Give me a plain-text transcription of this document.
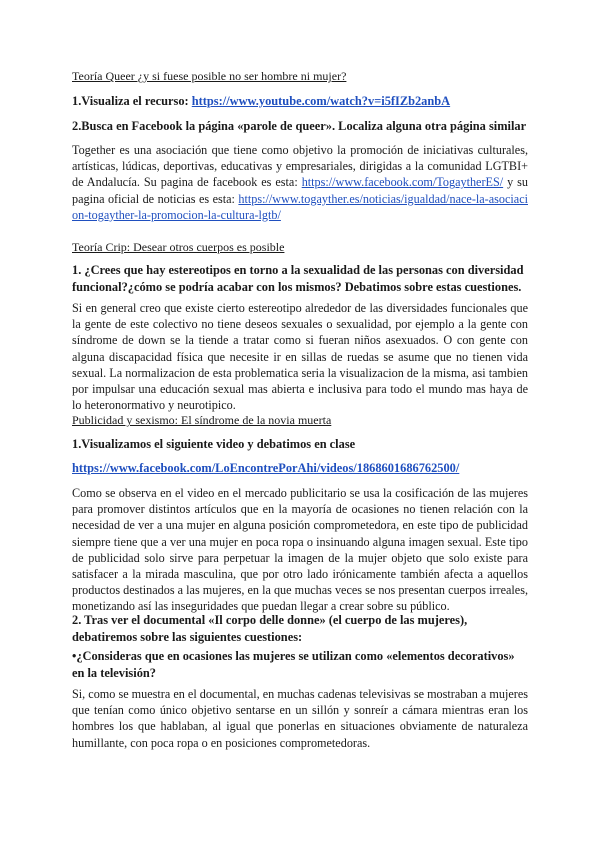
Teoría Queer ¿y si fuese posible no ser hombre ni mujer?
1.Visualiza el recurso: https://www.youtube.com/watch?v=i5fIZb2anbA
2.Busca en Facebook la página «parole de queer». Localiza alguna otra página similar

Together es una asociación que tiene como objetivo la promoción de iniciativas culturales, artísticas, lúdicas, deportivas, educativas y empresariales, dirigidas a la comunidad LGTBI+ de Andalucía. Su pagina de facebook es esta: https://www.facebook.com/TogaytherES/ y su pagina oficial de noticias es esta: https://www.togayther.es/noticias/igualdad/nace-la-asociacion-togayther-la-promocion-la-cultura-lgtb/

Teoría Crip: Desear otros cuerpos es posible
1. ¿Crees que hay estereotipos en torno a la sexualidad de las personas con diversidad funcional?¿cómo se podría acabar con los mismos? Debatimos sobre estas cuestiones.

Si en general creo que existe cierto estereotipo alrededor de las diversidades funcionales que la gente de este colectivo no tiene deseos sexuales o sexualidad, por ejemplo a la gente con síndrome de down se la tiende a tratar como si fueran niños asexuados. O con gente con alguna discapacidad física que necesite ir en sillas de ruedas se asume que no tienen vida sexual. La normalizacion de esta problematica seria la visualizacion de la misma, asi tambien por impulsar una educación sexual mas abierta e inclusiva para todo el mundo mas haya de lo heteronormativo y neurotipico.

Publicidad y sexismo: El síndrome de la novia muerta
1.Visualizamos el siguiente video y debatimos en clase
https://www.facebook.com/LoEncontrePorAhi/videos/1868601686762500/

Como se observa en el video en el mercado publicitario se usa la cosificación de las mujeres para promover distintos artículos que en la mayoría de ocasiones no tienen relación con la necesidad de ver a una mujer en alguna posición comprometedora, en este tipo de publicidad siempre tiene que a ver una mujer en poca ropa o insinuando alguna imagen sexual. Este tipo de publicidad solo sirve para perpetuar la imagen de la mujer objeto que solo existe para satisfacer a la mirada masculina, que por otro lado irónicamente también afecta a aquellos productos destinados a las mujeres, en la que muchas veces se nos presentan cuerpos irreales, monetizando así las inseguridades que puedan llegar a crear sobre su público.

2. Tras ver el documental «Il corpo delle donne» (el cuerpo de las mujeres), debatiremos sobre las siguientes cuestiones:
•¿Consideras que en ocasiones las mujeres se utilizan como «elementos decorativos» en la televisión?

Si, como se muestra en el documental, en muchas cadenas televisivas se mostraban a mujeres que tenían como único objetivo sentarse en un sillón y sonreír a cámara mientras eran los hombres los que hablaban, al igual que ponerlas en situaciones obviamente de naturaleza humillante, con poca ropa o en posiciones comprometedoras.
